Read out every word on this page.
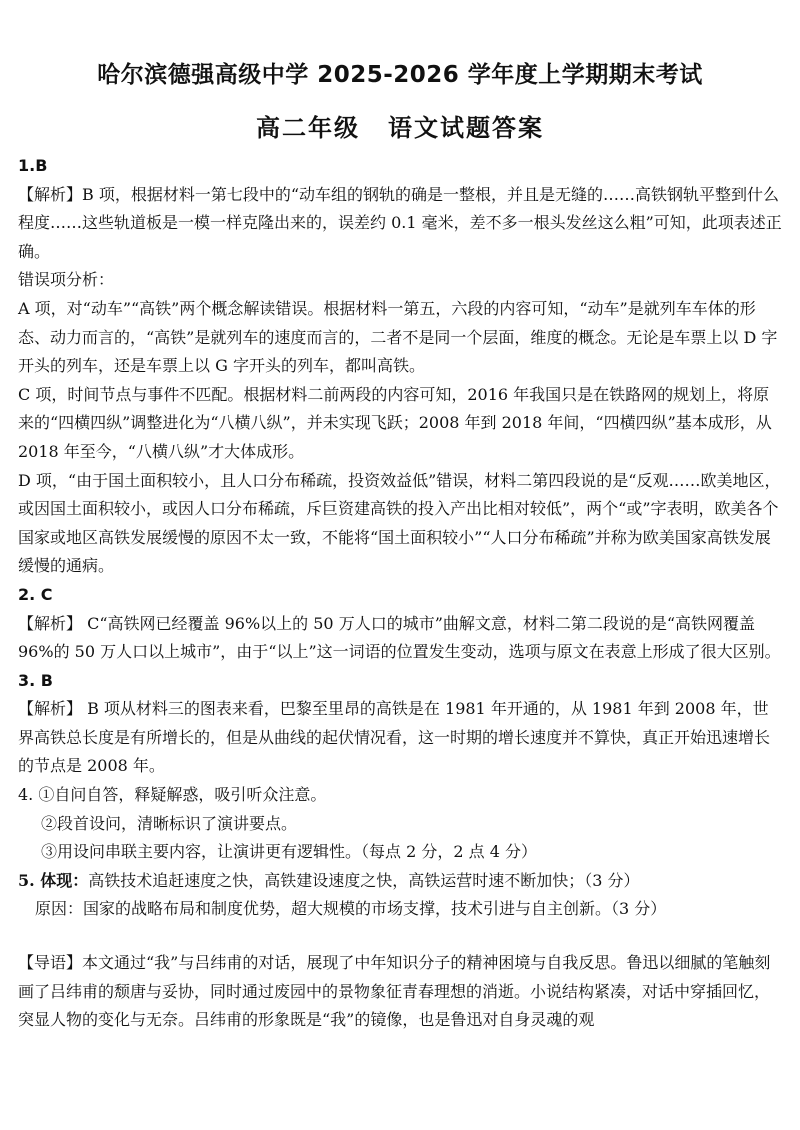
哈尔滨德强高级中学 2025-2026 学年度上学期期末考试
高二年级 语文试题答案

1.B

【解析】B 项，根据材料一第七段中的“动车组的钢轨的确是一整根，并且是无缝的……高铁钢轨平整到什么程度……这些轨道板是一模一样克隆出来的，误差约 0.1 毫米，差不多一根头发丝这么粗”可知，此项表述正确。

错误项分析：

A 项，对“动车”“高铁”两个概念解读错误。根据材料一第五，六段的内容可知，“动车”是就列车车体的形态、动力而言的，“高铁”是就列车的速度而言的，二者不是同一个层面，维度的概念。无论是车票上以 D 字开头的列车，还是车票上以 G 字开头的列车，都叫高铁。

C 项，时间节点与事件不匹配。根据材料二前两段的内容可知，2016 年我国只是在铁路网的规划上，将原来的“四横四纵”调整进化为“八横八纵”，并未实现飞跃；2008 年到 2018 年间，“四横四纵”基本成形，从 2018 年至今，“八横八纵”才大体成形。

D 项，“由于国土面积较小，且人口分布稀疏，投资效益低”错误，材料二第四段说的是“反观……欧美地区，或因国土面积较小，或因人口分布稀疏，斥巨资建高铁的投入产出比相对较低”，两个“或”字表明，欧美各个国家或地区高铁发展缓慢的原因不太一致，不能将“国土面积较小”“人口分布稀疏”并称为欧美国家高铁发展缓慢的通病。

2. C

【解析】 C“高铁网已经覆盖 96%以上的 50 万人口的城市”曲解文意，材料二第二段说的是“高铁网覆盖 96%的 50 万人口以上城市”，由于“以上”这一词语的位置发生变动，选项与原文在表意上形成了很大区别。

3. B

【解析】 B 项从材料三的图表来看，巴黎至里昂的高铁是在 1981 年开通的，从 1981 年到 2008 年，世界高铁总长度是有所增长的，但是从曲线的起伏情况看，这一时期的增长速度并不算快，真正开始迅速增长的节点是 2008 年。

4. ①自问自答，释疑解惑，吸引听众注意。

②段首设问，清晰标识了演讲要点。

③用设问串联主要内容，让演讲更有逻辑性。（每点 2 分，2 点 4 分）

5. 体现：高铁技术追赶速度之快，高铁建设速度之快，高铁运营时速不断加快；（3 分）

原因：国家的战略布局和制度优势，超大规模的市场支撑，技术引进与自主创新。（3 分）

【导语】本文通过“我”与吕纬甫的对话，展现了中年知识分子的精神困境与自我反思。鲁迅以细腻的笔触刻画了吕纬甫的颓唐与妥协，同时通过废园中的景物象征青春理想的消逝。小说结构紧凑，对话中穿插回忆，突显人物的变化与无奈。吕纬甫的形象既是“我”的镜像，也是鲁迅对自身灵魂的观
